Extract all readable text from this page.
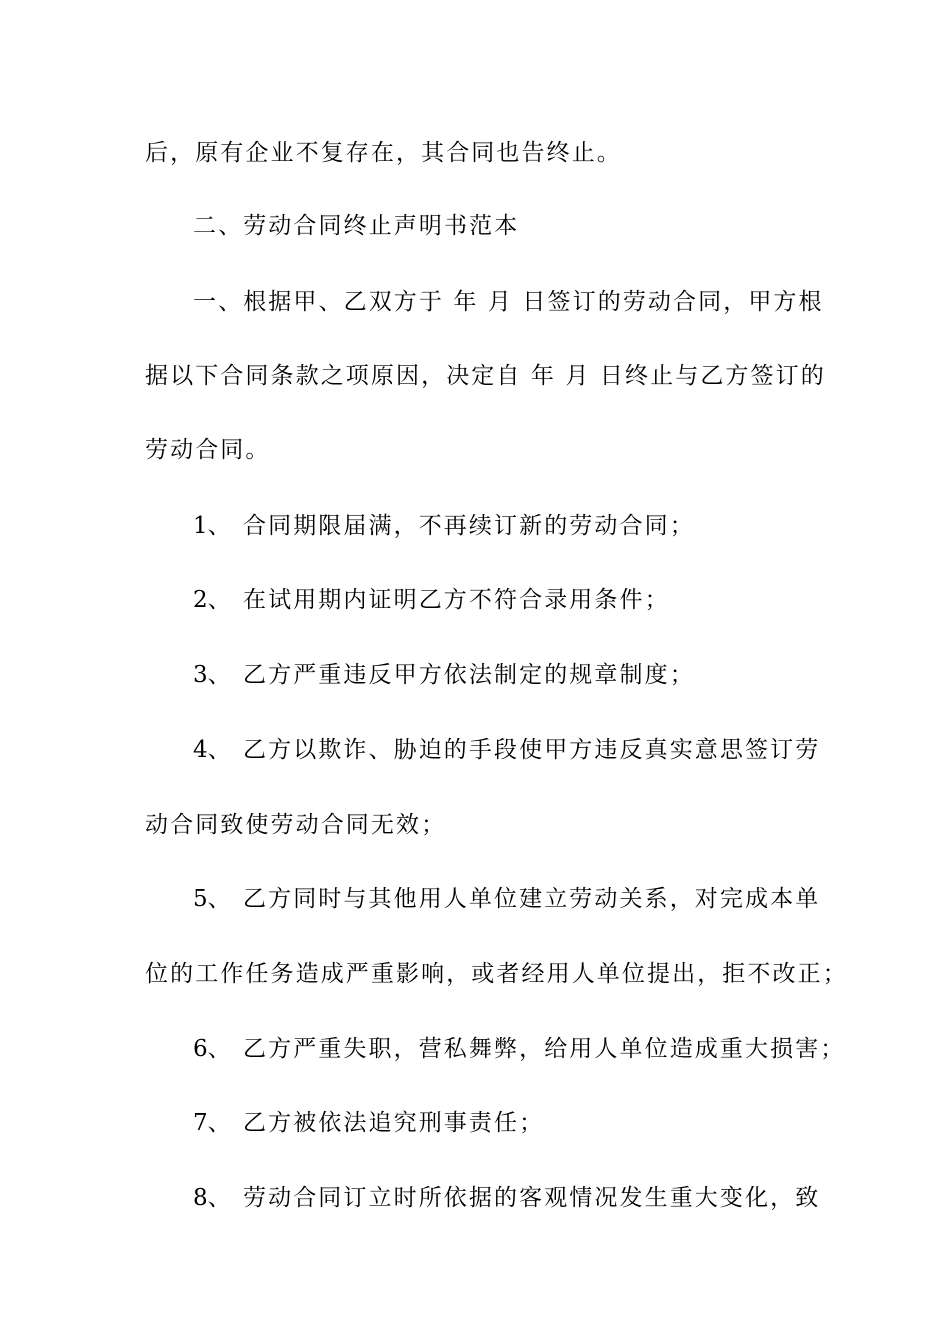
后，原有企业不复存在，其合同也告终止。
二、劳动合同终止声明书范本
一、根据甲、乙双方于 年 月 日签订的劳动合同，甲方根
据以下合同条款之项原因，决定自 年 月 日终止与乙方签订的
劳动合同。
1、 合同期限届满，不再续订新的劳动合同；
2、 在试用期内证明乙方不符合录用条件；
3、 乙方严重违反甲方依法制定的规章制度；
4、 乙方以欺诈、胁迫的手段使甲方违反真实意思签订劳
动合同致使劳动合同无效；
5、 乙方同时与其他用人单位建立劳动关系，对完成本单
位的工作任务造成严重影响，或者经用人单位提出，拒不改正；
6、 乙方严重失职，营私舞弊，给用人单位造成重大损害；
7、 乙方被依法追究刑事责任；
8、 劳动合同订立时所依据的客观情况发生重大变化，致
